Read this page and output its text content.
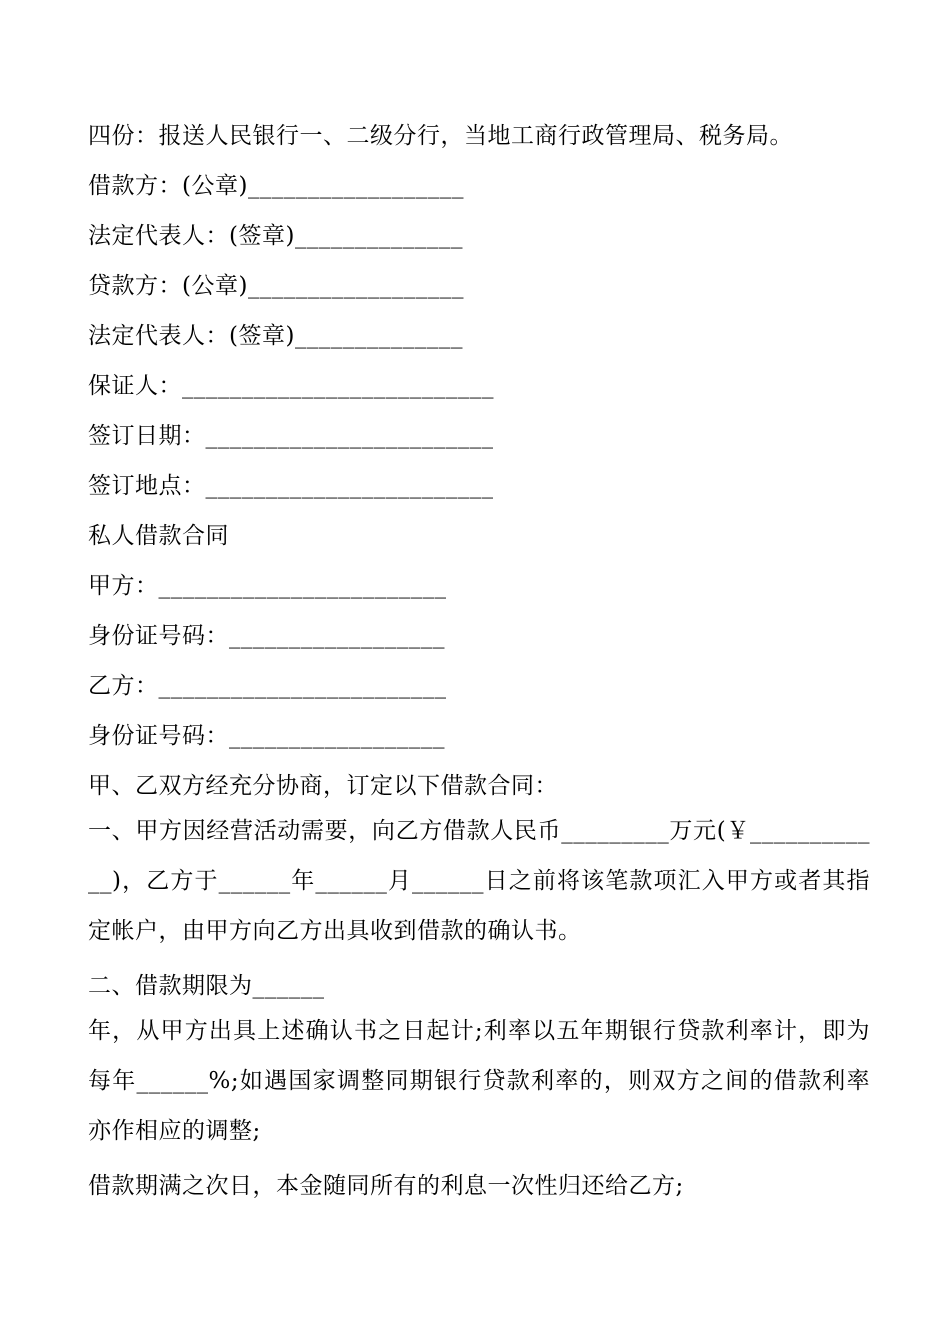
四份：报送人民银行一、二级分行，当地工商行政管理局、税务局。
借款方：(公章)__________________
法定代表人：(签章)______________
贷款方：(公章)__________________
法定代表人：(签章)______________
保证人：__________________________
签订日期：________________________
签订地点：________________________
私人借款合同
甲方：________________________
身份证号码：__________________
乙方：________________________
身份证号码：__________________
甲、乙双方经充分协商，订定以下借款合同：
一、甲方因经营活动需要，向乙方借款人民币_________万元(￥____________)，乙方于______年______月______日之前将该笔款项汇入甲方或者其指定帐户，由甲方向乙方出具收到借款的确认书。
二、借款期限为______
年，从甲方出具上述确认书之日起计;利率以五年期银行贷款利率计，即为每年______%;如遇国家调整同期银行贷款利率的，则双方之间的借款利率亦作相应的调整;
借款期满之次日，本金随同所有的利息一次性归还给乙方;
